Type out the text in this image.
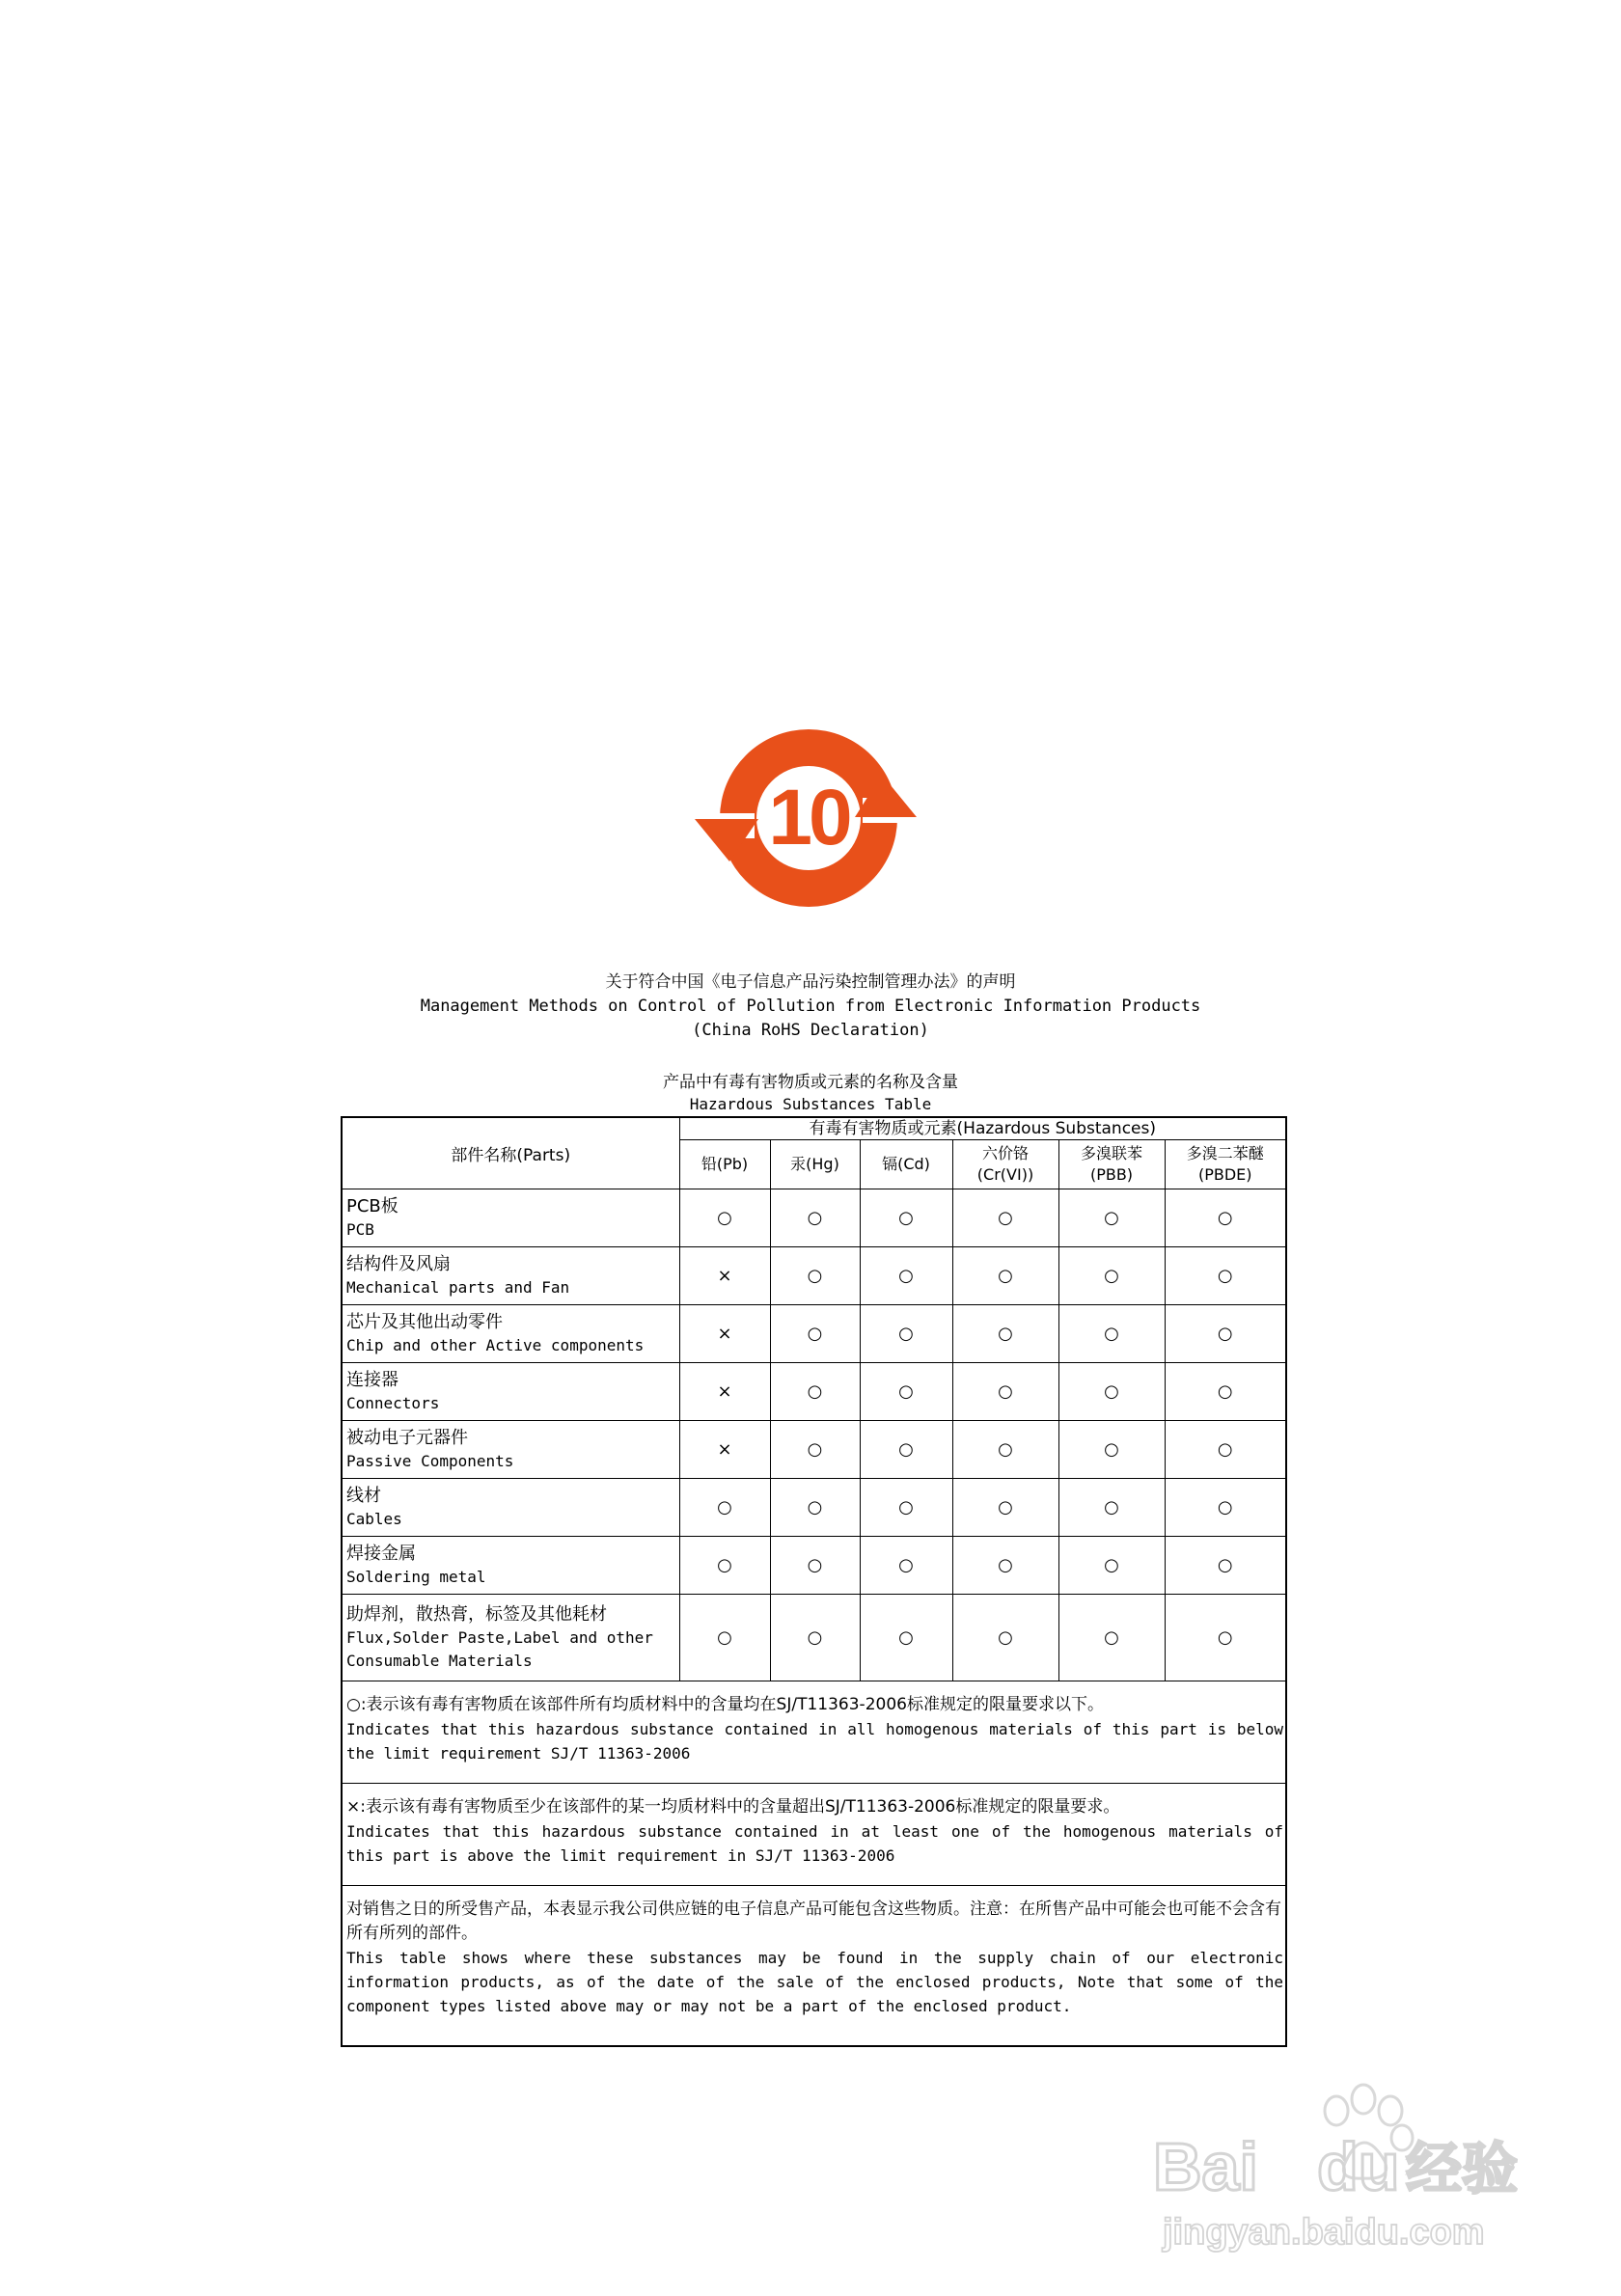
10
关于符合中国《电子信息产品污染控制管理办法》的声明
Management Methods on Control of Pollution from Electronic Information Products
(China RoHS Declaration)
产品中有毒有害物质或元素的名称及含量
Hazardous Substances Table
部件名称(Parts)	有毒有害物质或元素(Hazardous Substances)					
	铅(Pb)	汞(Hg)	镉(Cd)	六价铬
(Cr(VI))	多溴联苯
(PBB)	多溴二苯醚
(PBDE)

PCB板
PCB	○	○	○	○	○	○

结构件及风扇
Mechanical parts and Fan	×	○	○	○	○	○

芯片及其他出动零件
Chip and other Active components	×	○	○	○	○	○

连接器
Connectors	×	○	○	○	○	○

被动电子元器件
Passive Components	×	○	○	○	○	○

线材
Cables	○	○	○	○	○	○

焊接金属
Soldering metal	○	○	○	○	○	○

助焊剂，散热膏，标签及其他耗材
Flux,Solder Paste,Label and other
Consumable Materials	○	○	○	○	○	○

○:表示该有毒有害物质在该部件所有均质材料中的含量均在SJ/T11363-2006标准规定的限量要求以下。
Indicates that this hazardous substance contained in all homogenous materials of this part is below the limit requirement SJ/T 11363-2006						

×:表示该有毒有害物质至少在该部件的某一均质材料中的含量超出SJ/T11363-2006标准规定的限量要求。
Indicates that this hazardous substance contained in at least one of the homogenous materials of this part is above the limit requirement in SJ/T 11363-2006						

对销售之日的所受售产品，本表显示我公司供应链的电子信息产品可能包含这些物质。注意：在所售产品中可能会也可能不会含有所有所列的部件。
This table shows where these substances may be found in the supply chain of our electronic information products, as of the date of the sale of the enclosed products, Note that some of the component types listed above may or may not be a part of the enclosed product.						
Bai du 经验
jingyan.baidu.com
